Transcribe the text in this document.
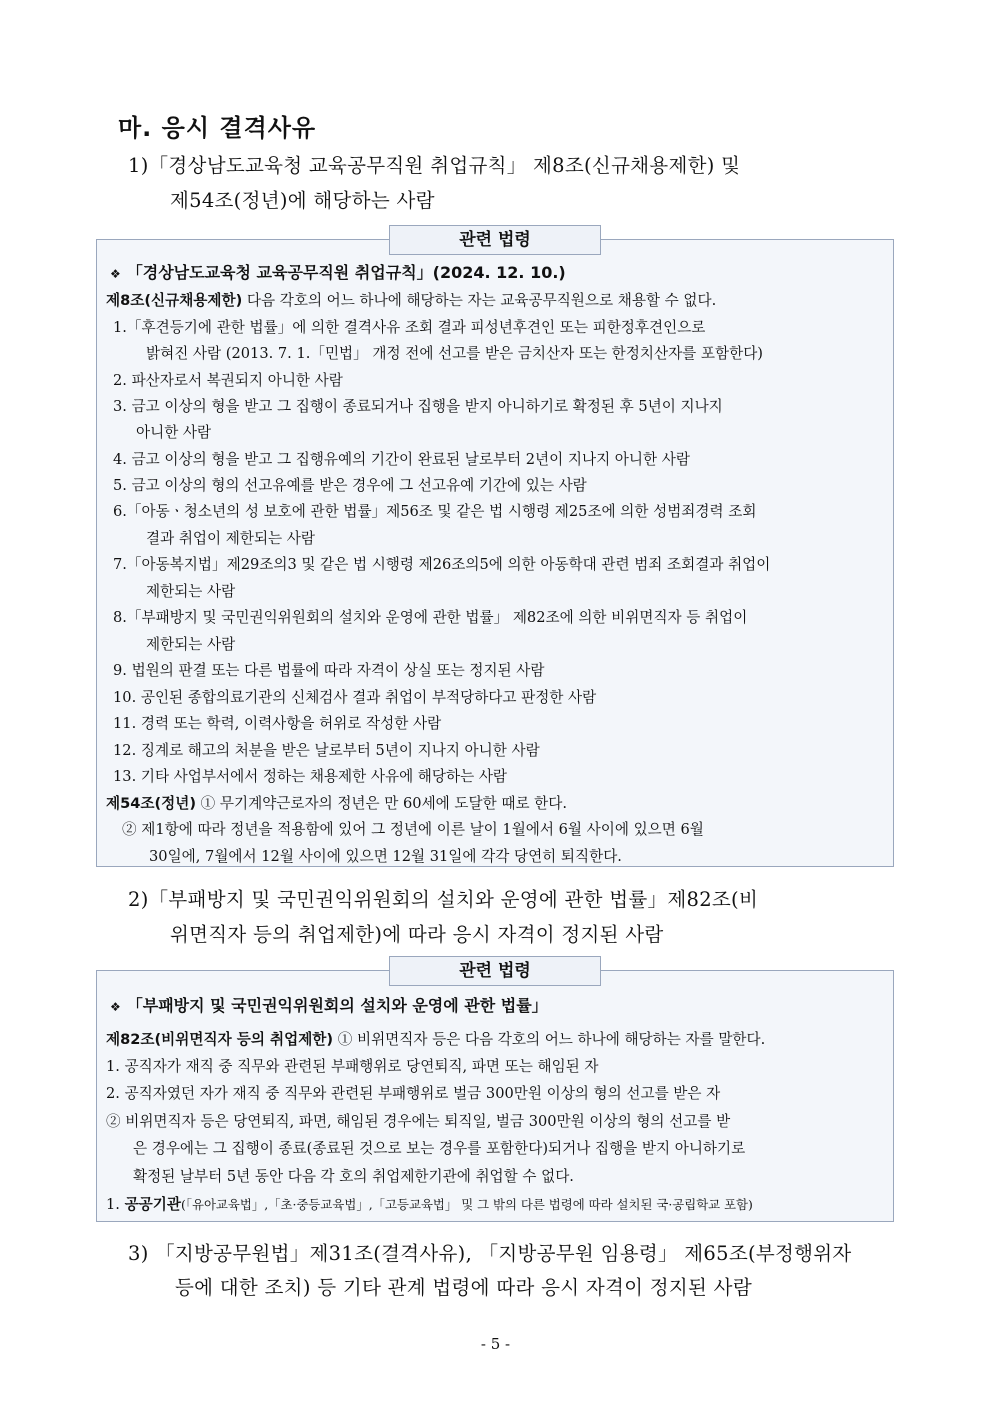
마. 응시 결격사유
1)「경상남도교육청 교육공무직원 취업규칙」 제8조(신규채용제한) 및
제54조(정년)에 해당하는 사람
관련 법령
❖ 「경상남도교육청 교육공무직원 취업규칙」(2024. 12. 10.)
제8조(신규채용제한) 다음 각호의 어느 하나에 해당하는 자는 교육공무직원으로 채용할 수 없다.
1.「후견등기에 관한 법률」에 의한 결격사유 조회 결과 피성년후견인 또는 피한정후견인으로
밝혀진 사람 (2013. 7. 1.「민법」 개정 전에 선고를 받은 금치산자 또는 한정치산자를 포함한다)
2. 파산자로서 복권되지 아니한 사람
3. 금고 이상의 형을 받고 그 집행이 종료되거나 집행을 받지 아니하기로 확정된 후 5년이 지나지
아니한 사람
4. 금고 이상의 형을 받고 그 집행유예의 기간이 완료된 날로부터 2년이 지나지 아니한 사람
5. 금고 이상의 형의 선고유예를 받은 경우에 그 선고유예 기간에 있는 사람
6.「아동ㆍ청소년의 성 보호에 관한 법률」제56조 및 같은 법 시행령 제25조에 의한 성범죄경력 조회
결과 취업이 제한되는 사람
7.「아동복지법」제29조의3 및 같은 법 시행령 제26조의5에 의한 아동학대 관련 범죄 조회결과 취업이
제한되는 사람
8.「부패방지 및 국민권익위원회의 설치와 운영에 관한 법률」 제82조에 의한 비위면직자 등 취업이
제한되는 사람
9. 법원의 판결 또는 다른 법률에 따라 자격이 상실 또는 정지된 사람
10. 공인된 종합의료기관의 신체검사 결과 취업이 부적당하다고 판정한 사람
11. 경력 또는 학력, 이력사항을 허위로 작성한 사람
12. 징계로 해고의 처분을 받은 날로부터 5년이 지나지 아니한 사람
13. 기타 사업부서에서 정하는 채용제한 사유에 해당하는 사람
제54조(정년) ① 무기계약근로자의 정년은 만 60세에 도달한 때로 한다.
② 제1항에 따라 정년을 적용함에 있어 그 정년에 이른 날이 1월에서 6월 사이에 있으면 6월
30일에, 7월에서 12월 사이에 있으면 12월 31일에 각각 당연히 퇴직한다.
2)「부패방지 및 국민권익위원회의 설치와 운영에 관한 법률」제82조(비
위면직자 등의 취업제한)에 따라 응시 자격이 정지된 사람
관련 법령
❖ 「부패방지 및 국민권익위원회의 설치와 운영에 관한 법률」
제82조(비위면직자 등의 취업제한) ① 비위면직자 등은 다음 각호의 어느 하나에 해당하는 자를 말한다.
1. 공직자가 재직 중 직무와 관련된 부패행위로 당연퇴직, 파면 또는 해임된 자
2. 공직자였던 자가 재직 중 직무와 관련된 부패행위로 벌금 300만원 이상의 형의 선고를 받은 자
② 비위면직자 등은 당연퇴직, 파면, 해임된 경우에는 퇴직일, 벌금 300만원 이상의 형의 선고를 받
은 경우에는 그 집행이 종료(종료된 것으로 보는 경우를 포함한다)되거나 집행을 받지 아니하기로
확정된 날부터 5년 동안 다음 각 호의 취업제한기관에 취업할 수 없다.
1. 공공기관(「유아교육법」,「초·중등교육법」,「고등교육법」 및 그 밖의 다른 법령에 따라 설치된 국·공립학교 포함)
3) 「지방공무원법」제31조(결격사유), 「지방공무원 임용령」 제65조(부정행위자
등에 대한 조치) 등 기타 관계 법령에 따라 응시 자격이 정지된 사람
- 5 -
